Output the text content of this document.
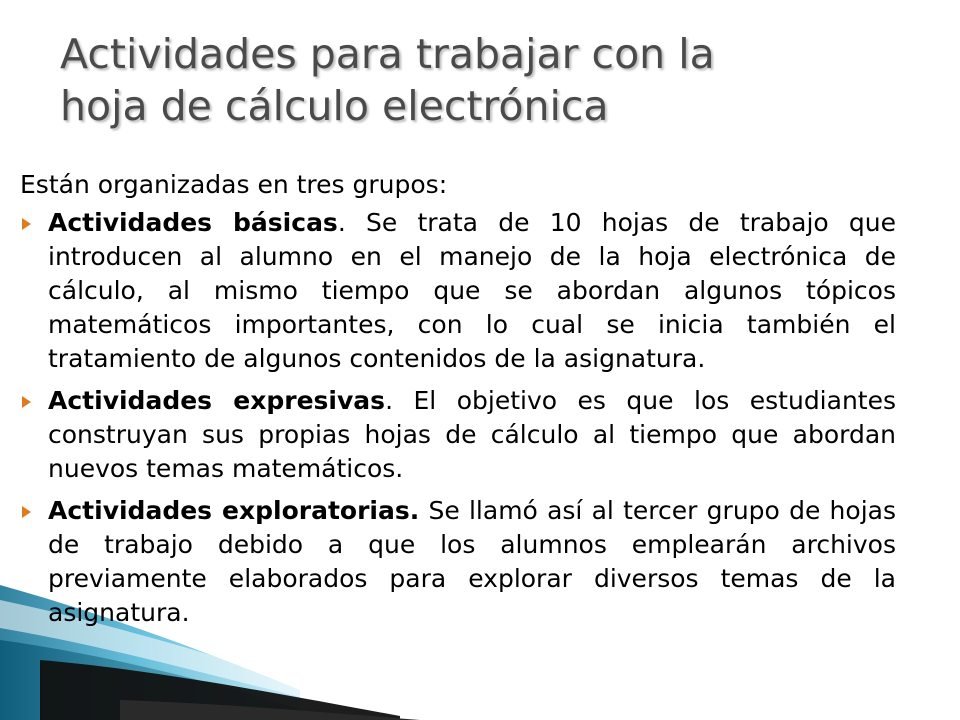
Actividades para trabajar con la
hoja de cálculo electrónica

Están organizadas en tres grupos:

Actividades básicas. Se trata de 10 hojas de trabajo que introducen al alumno en el manejo de la hoja electrónica de cálculo, al mismo tiempo que se abordan algunos tópicos matemáticos importantes, con lo cual se inicia también el tratamiento de algunos contenidos de la asignatura.
Actividades expresivas. El objetivo es que los estudiantes construyan sus propias hojas de cálculo al tiempo que abordan nuevos temas matemáticos.
Actividades exploratorias. Se llamó así al tercer grupo de hojas de trabajo debido a que los alumnos emplearán archivos previamente elaborados para explorar diversos temas de la asignatura.
